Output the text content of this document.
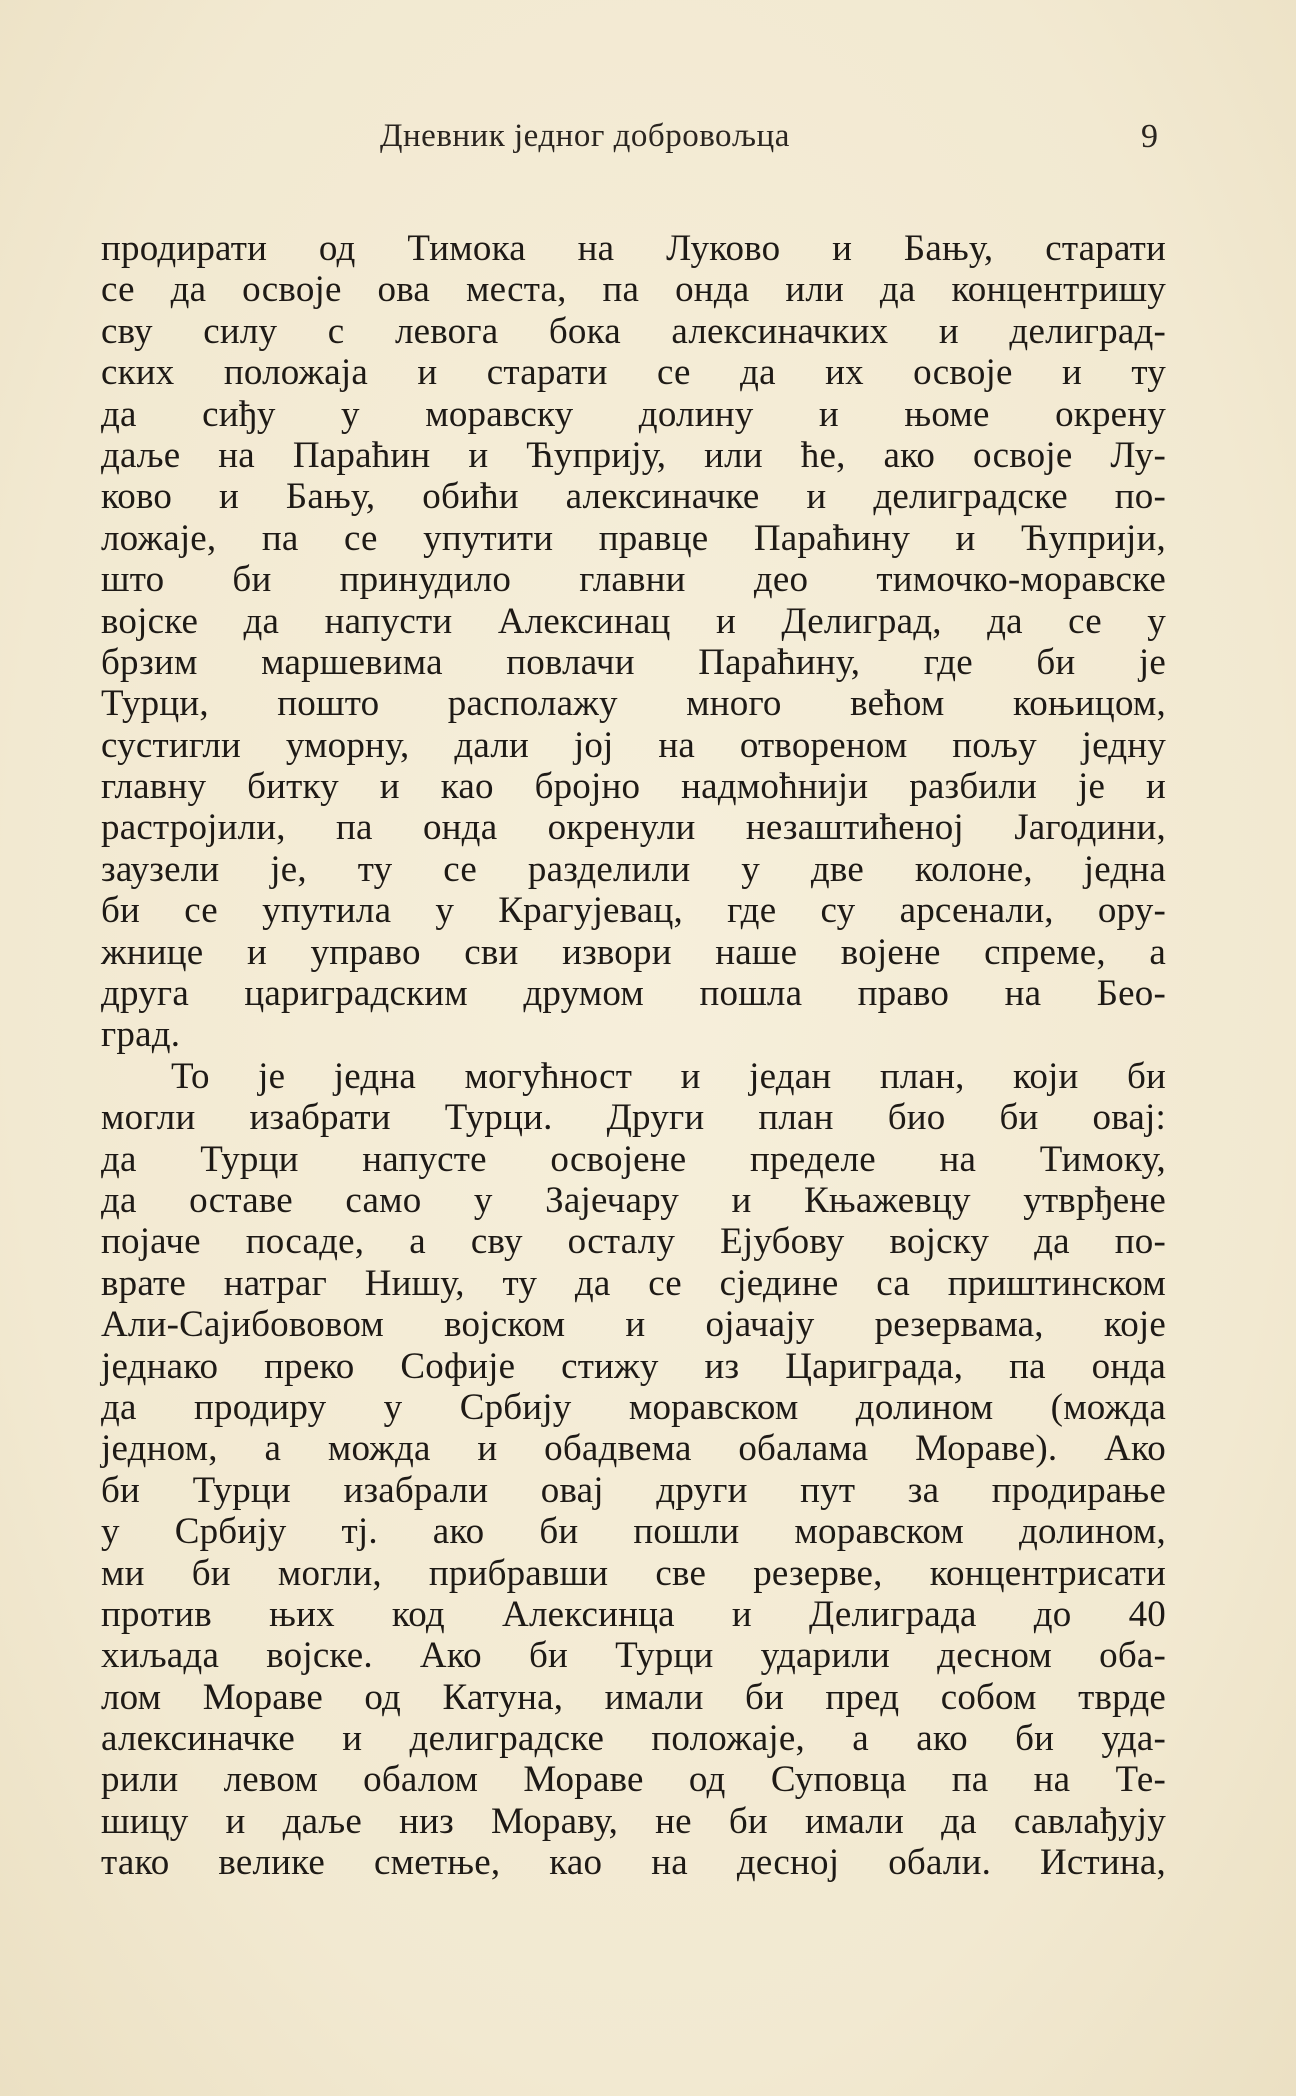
Дневник једног добровољца	9
продирати од Тимока на Луково и Бању, старати
се да освоје ова места, па онда или да концентришу
сву силу с левога бока алексиначких и делиград-
ских положаја и старати се да их освоје и ту
да сиђу у моравску долину и њоме окрену
даље на Параћин и Ћуприју, или ће, ако освоје Лу-
ково и Бању, обићи алексиначке и делиградске по-
ложаје, па се упутити правце Параћину и Ћуприји,
што би принудило главни део тимочко-моравске
војске да напусти Алексинац и Делиград, да се у
брзим маршевима повлачи Параћину, где би је
Турци, пошто располажу много већом коњицом,
сустигли уморну, дали јој на отвореном пољу једну
главну битку и као бројно надмоћнији разбили је и
растројили, па онда окренули незаштићеној Јагодини,
заузели је, ту се разделили у две колоне, једна
би се упутила у Крагујевац, где су арсенали, ору-
жнице и управо сви извори наше војене спреме, а
друга цариградским друмом пошла право на Бео-
град.
То је једна могућност и један план, који би
могли изабрати Турци. Други план био би овај:
да Турци напусте освојене пределе на Тимоку,
да оставе само у Зајечару и Књажевцу утврђене
појаче посаде, а сву осталу Ејубову војску да по-
врате натраг Нишу, ту да се сједине са приштинском
Али-Сајибововом војском и ојачају резервама, које
једнако преко Софије стижу из Цариграда, па онда
да продиру у Србију моравском долином (можда
једном, а можда и обадвема обалама Мораве). Ако
би Турци изабрали овај други пут за продирање
у Србију тј. ако би пошли моравском долином,
ми би могли, прибравши све резерве, концентрисати
против њих код Алексинца и Делиграда до 40
хиљада војске. Ако би Турци ударили десном оба-
лом Мораве од Катуна, имали би пред собом тврде
алексиначке и делиградске положаје, а ако би уда-
рили левом обалом Мораве од Суповца па на Те-
шицу и даље низ Мораву, не би имали да савлађују
тако велике сметње, као на десној обали. Истина,
